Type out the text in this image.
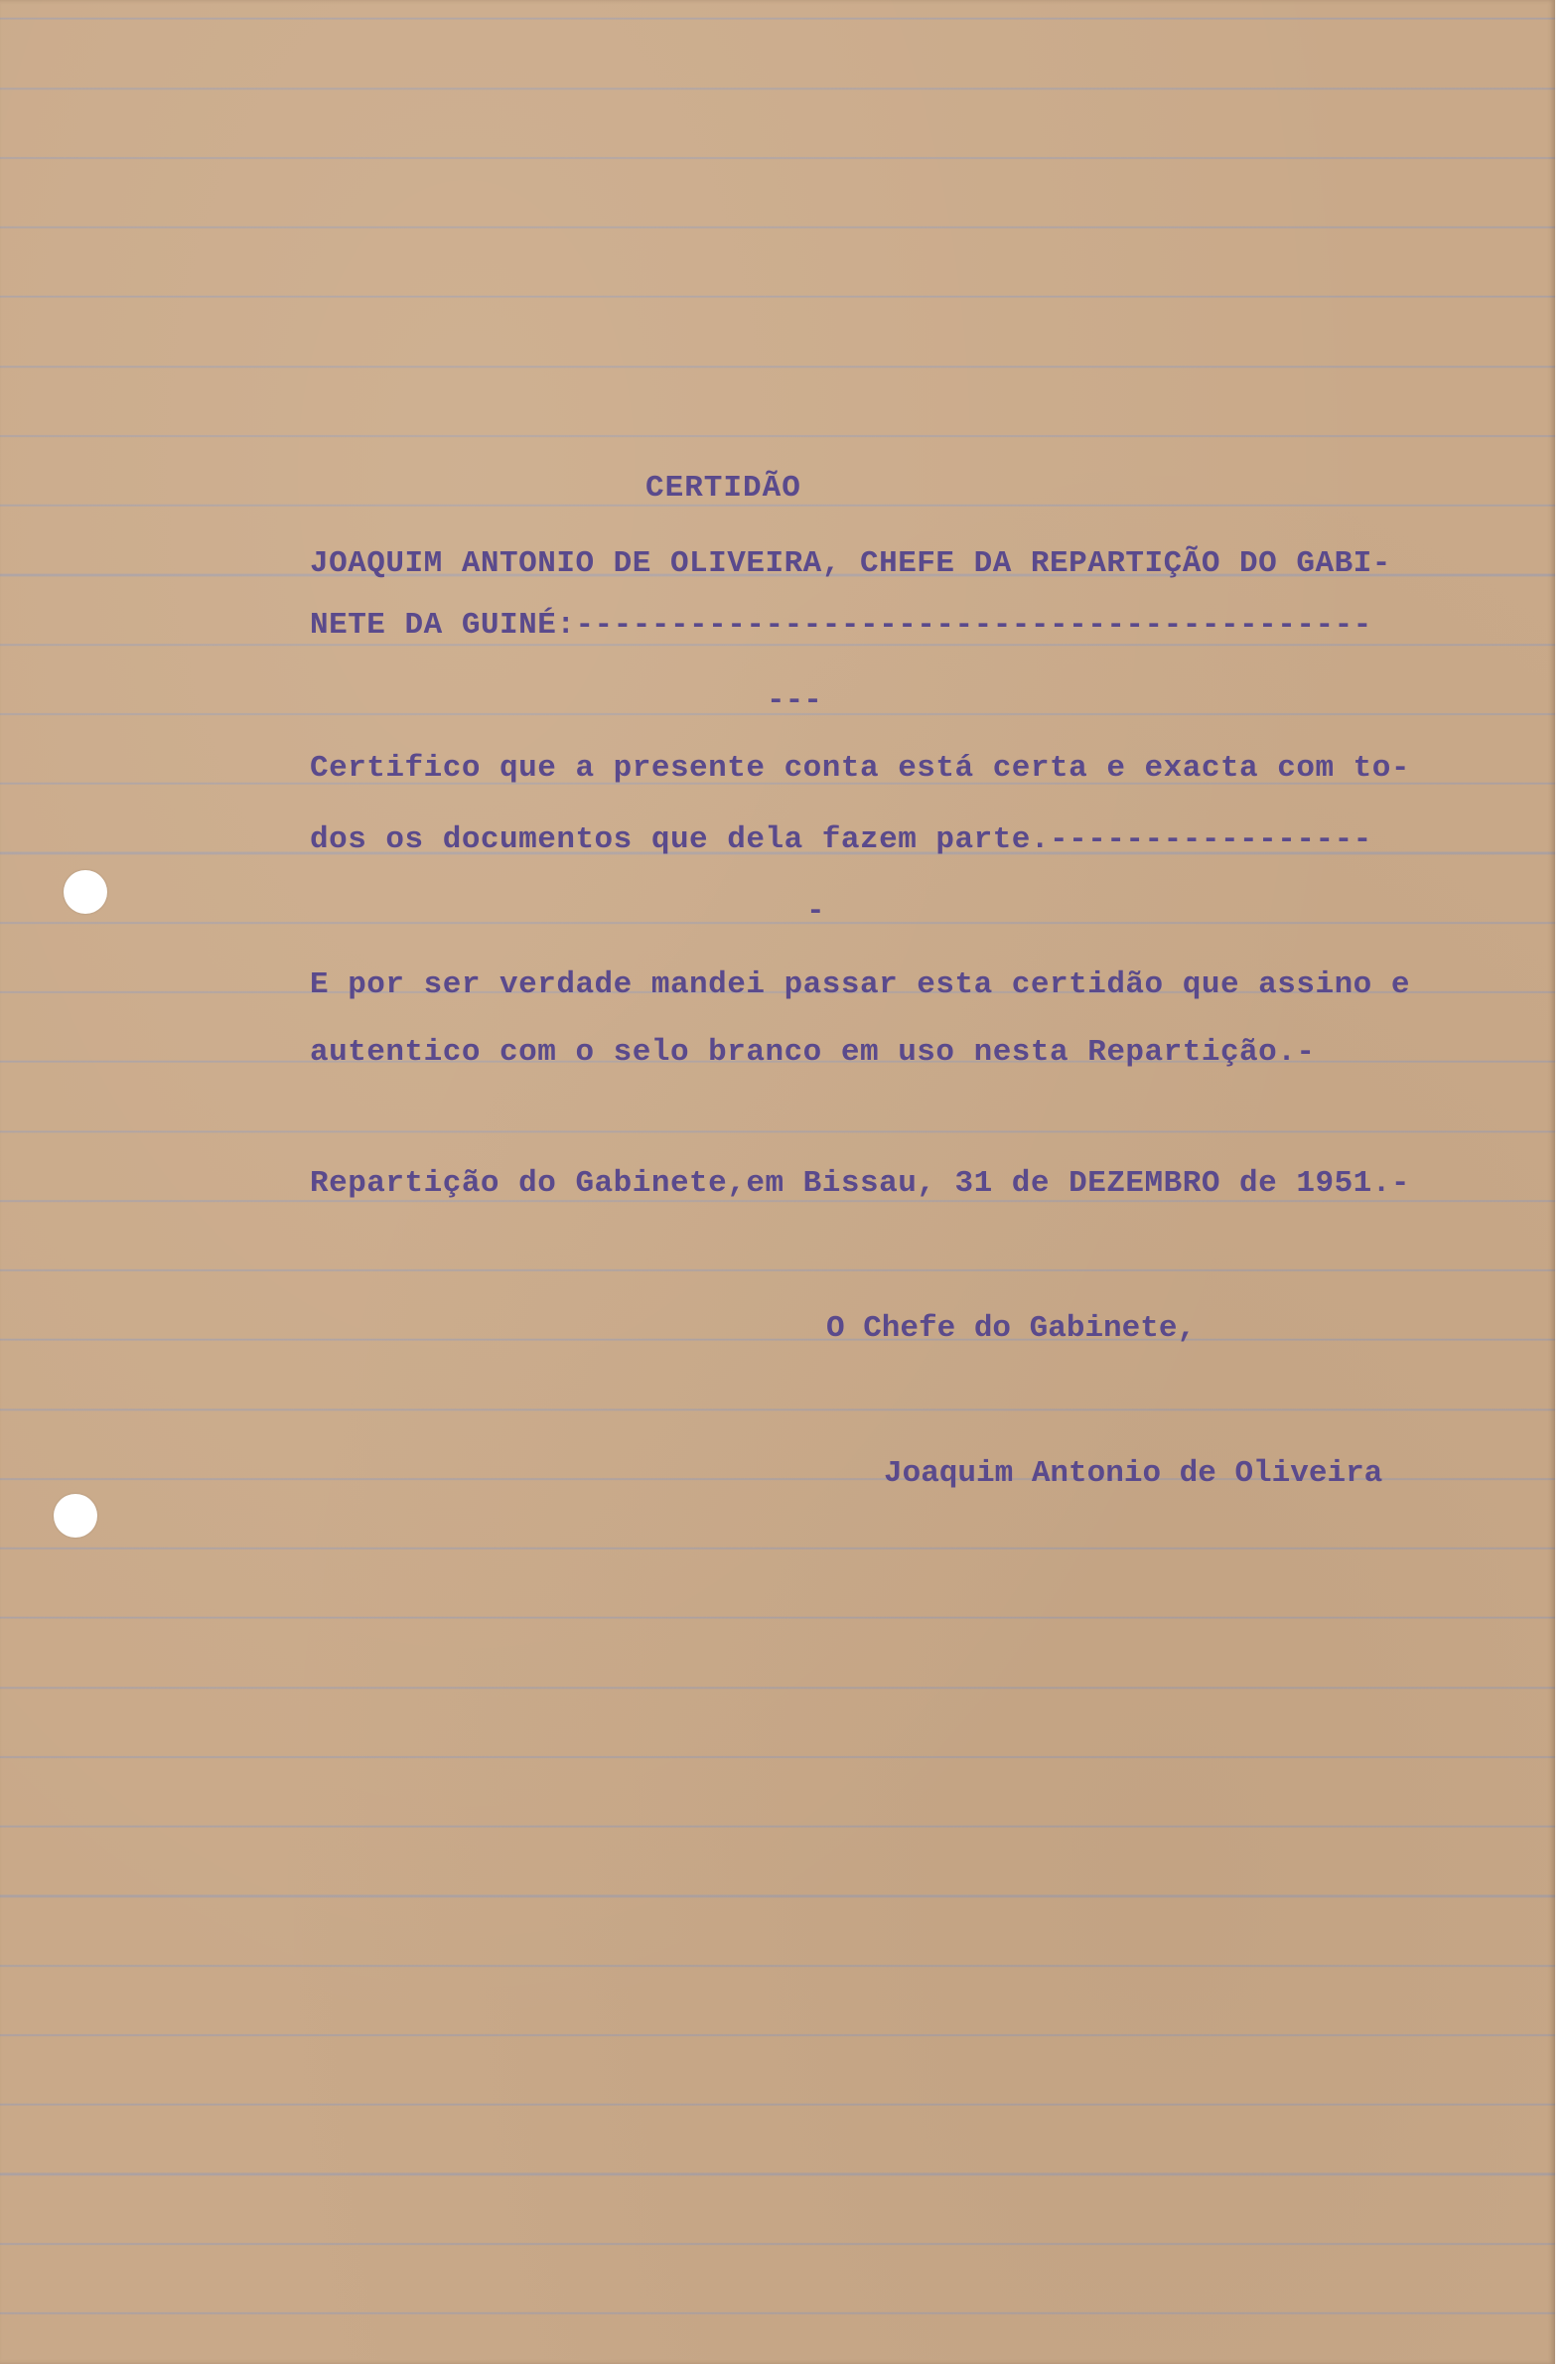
CERTIDÃO
JOAQUIM ANTONIO DE OLIVEIRA, CHEFE DA REPARTIÇÃO DO GABI-
NETE DA GUINÉ:------------------------------------------
---
Certifico que a presente conta está certa e exacta com to-
dos os documentos que dela fazem parte.-----------------
-
E por ser verdade mandei passar esta certidão que assino e
autentico com o selo branco em uso nesta Repartição.-
Repartição do Gabinete,em Bissau, 31 de DEZEMBRO de 1951.-
O Chefe do Gabinete,
Joaquim Antonio de Oliveira
